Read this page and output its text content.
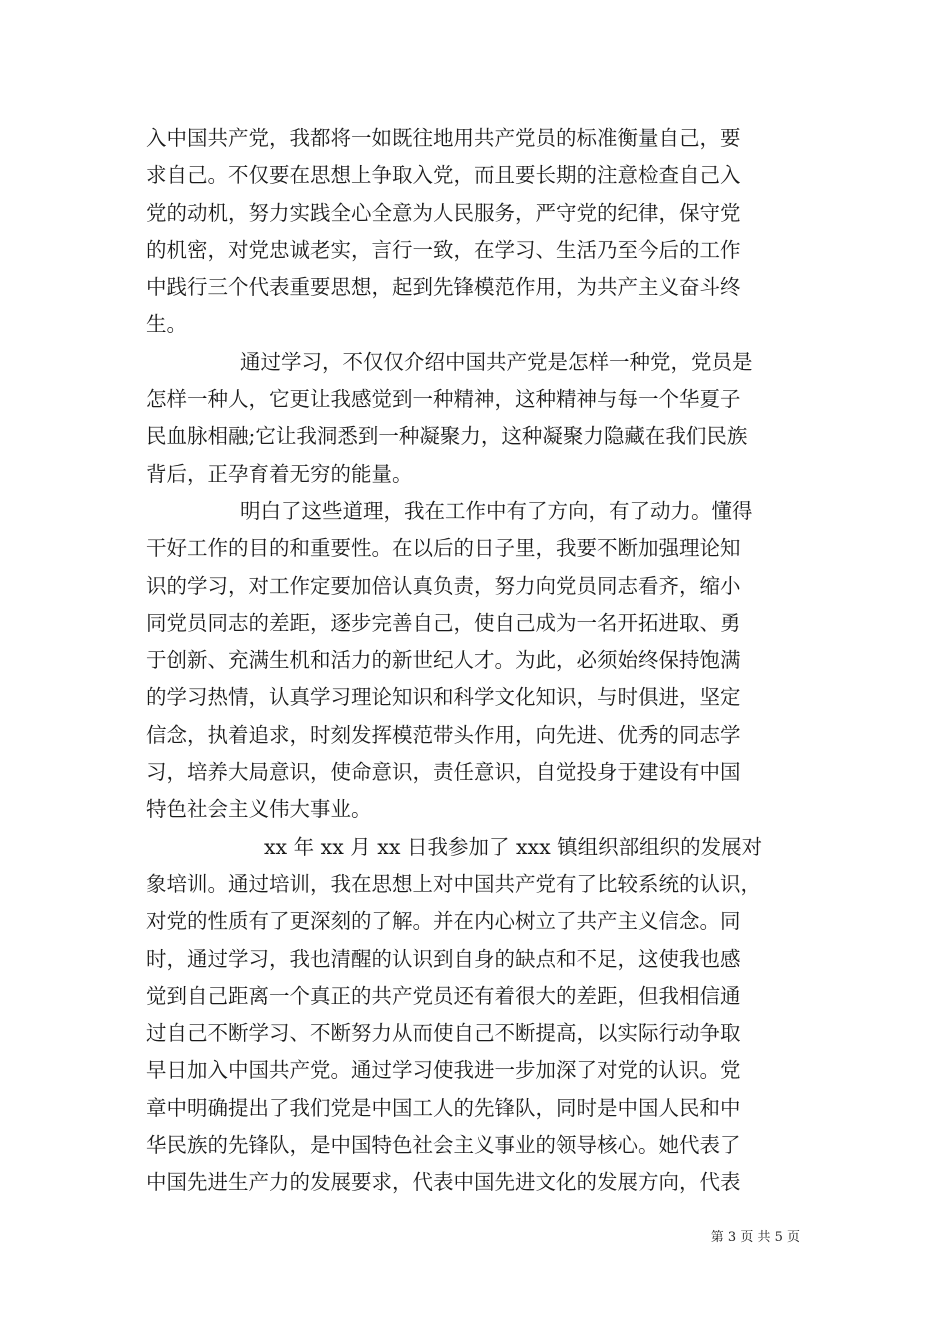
入中国共产党，我都将一如既往地用共产党员的标准衡量自己，要
求自己。不仅要在思想上争取入党，而且要长期的注意检查自己入
党的动机，努力实践全心全意为人民服务，严守党的纪律，保守党
的机密，对党忠诚老实，言行一致，在学习、生活乃至今后的工作
中践行三个代表重要思想，起到先锋模范作用，为共产主义奋斗终
生。
通过学习，不仅仅介绍中国共产党是怎样一种党，党员是
怎样一种人，它更让我感觉到一种精神，这种精神与每一个华夏子
民血脉相融;它让我洞悉到一种凝聚力，这种凝聚力隐藏在我们民族
背后，正孕育着无穷的能量。
明白了这些道理，我在工作中有了方向，有了动力。懂得
干好工作的目的和重要性。在以后的日子里，我要不断加强理论知
识的学习，对工作定要加倍认真负责，努力向党员同志看齐，缩小
同党员同志的差距，逐步完善自己，使自己成为一名开拓进取、勇
于创新、充满生机和活力的新世纪人才。为此，必须始终保持饱满
的学习热情，认真学习理论知识和科学文化知识，与时俱进，坚定
信念，执着追求，时刻发挥模范带头作用，向先进、优秀的同志学
习，培养大局意识，使命意识，责任意识，自觉投身于建设有中国
特色社会主义伟大事业。
xx 年 xx 月 xx 日我参加了 xxx 镇组织部组织的发展对
象培训。通过培训，我在思想上对中国共产党有了比较系统的认识，
对党的性质有了更深刻的了解。并在内心树立了共产主义信念。同
时，通过学习，我也清醒的认识到自身的缺点和不足，这使我也感
觉到自己距离一个真正的共产党员还有着很大的差距，但我相信通
过自己不断学习、不断努力从而使自己不断提高，以实际行动争取
早日加入中国共产党。通过学习使我进一步加深了对党的认识。党
章中明确提出了我们党是中国工人的先锋队，同时是中国人民和中
华民族的先锋队，是中国特色社会主义事业的领导核心。她代表了
中国先进生产力的发展要求，代表中国先进文化的发展方向，代表
第 3 页 共 5 页
